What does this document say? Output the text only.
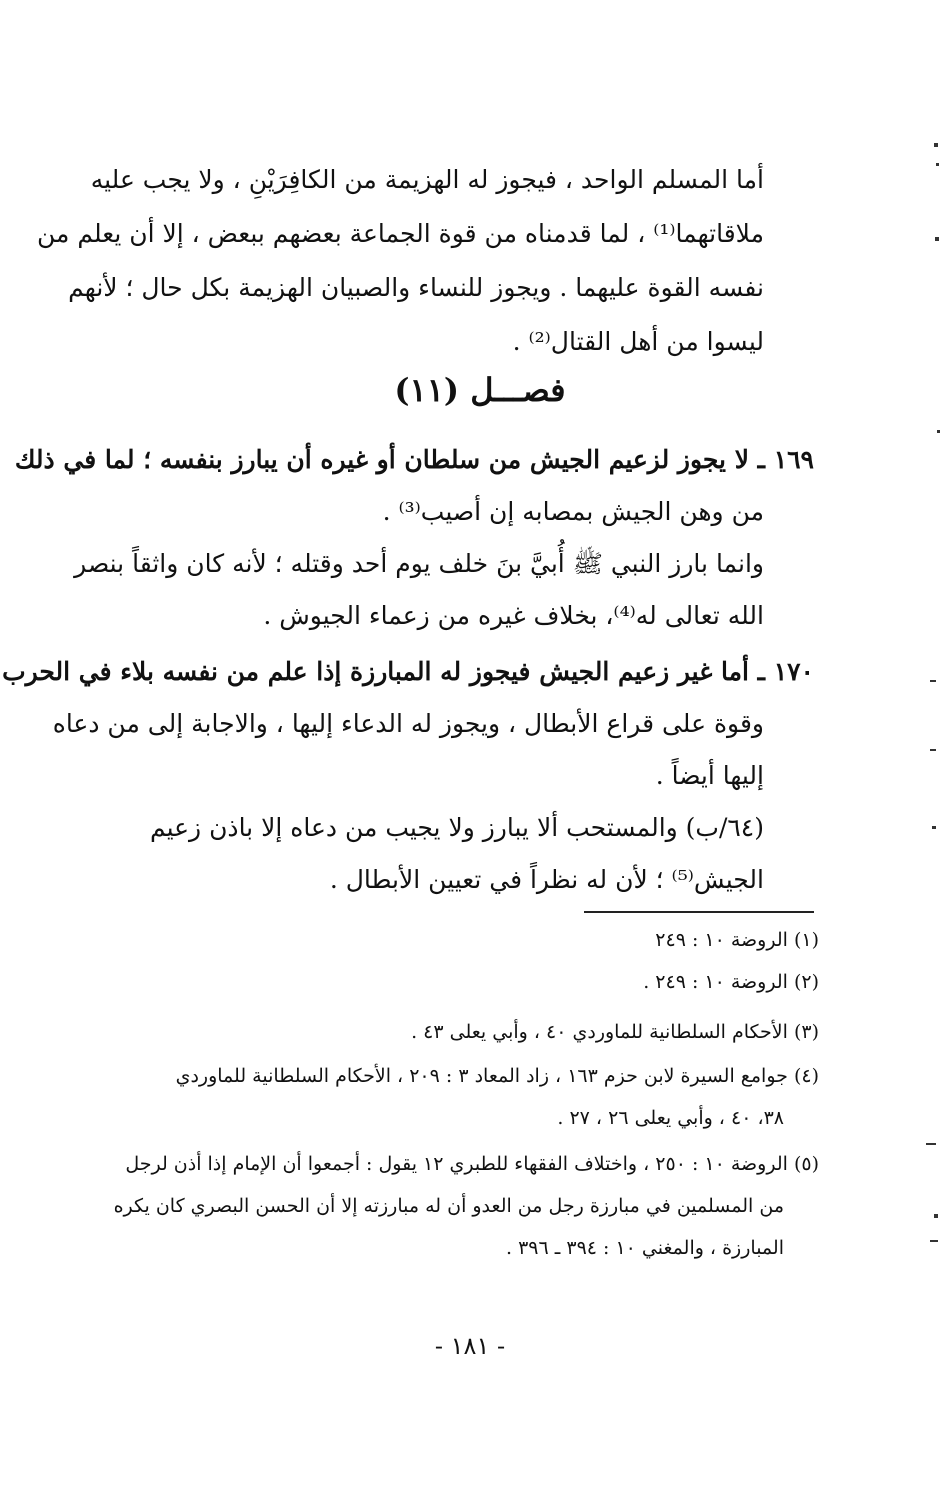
أما المسلم الواحد ، فيجوز له الهزيمة من الكافِرَيْنِ ، ولا يجب عليه
ملاقاتهما⁽¹⁾ ، لما قدمناه من قوة الجماعة بعضهم ببعض ، إلا أن يعلم من
نفسه القوة عليهما . ويجوز للنساء والصبيان الهزيمة بكل حال ؛ لأنهم
ليسوا من أهل القتال⁽²⁾ .
فصـــل (١١)
١٦٩ ـ لا يجوز لزعيم الجيش من سلطان أو غيره أن يبارز بنفسه ؛ لما في ذلك
من وهن الجيش بمصابه إن أصيب⁽³⁾ .
وانما بارز النبي ﷺ أُبيَّ بنَ خلف يوم أحد وقتله ؛ لأنه كان واثقاً بنصر
الله تعالى له⁽⁴⁾، بخلاف غيره من زعماء الجيوش .
١٧٠ ـ أما غير زعيم الجيش فيجوز له المبارزة إذا علم من نفسه بلاء في الحرب
وقوة على قراع الأبطال ، ويجوز له الدعاء إليها ، والاجابة إلى من دعاه
إليها أيضاً .
(٦٤/ب) والمستحب ألا يبارز ولا يجيب من دعاه إلا باذن زعيم
الجيش⁽⁵⁾ ؛ لأن له نظراً في تعيين الأبطال .
(١) الروضة ١٠ : ٢٤٩
(٢) الروضة ١٠ : ٢٤٩ .
(٣) الأحكام السلطانية للماوردي ٤٠ ، وأبي يعلى ٤٣ .
(٤) جوامع السيرة لابن حزم ١٦٣ ، زاد المعاد ٣ : ٢٠٩ ، الأحكام السلطانية للماوردي
٣٨، ٤٠ ، وأبي يعلى ٢٦ ، ٢٧ .
(٥) الروضة ١٠ : ٢٥٠ ، واختلاف الفقهاء للطبري ١٢ يقول : أجمعوا أن الإمام إذا أذن لرجل
من المسلمين في مبارزة رجل من العدو أن له مبارزته إلا أن الحسن البصري كان يكره
المبارزة ، والمغني ١٠ : ٣٩٤ ـ ٣٩٦ .
- ١٨١ -
